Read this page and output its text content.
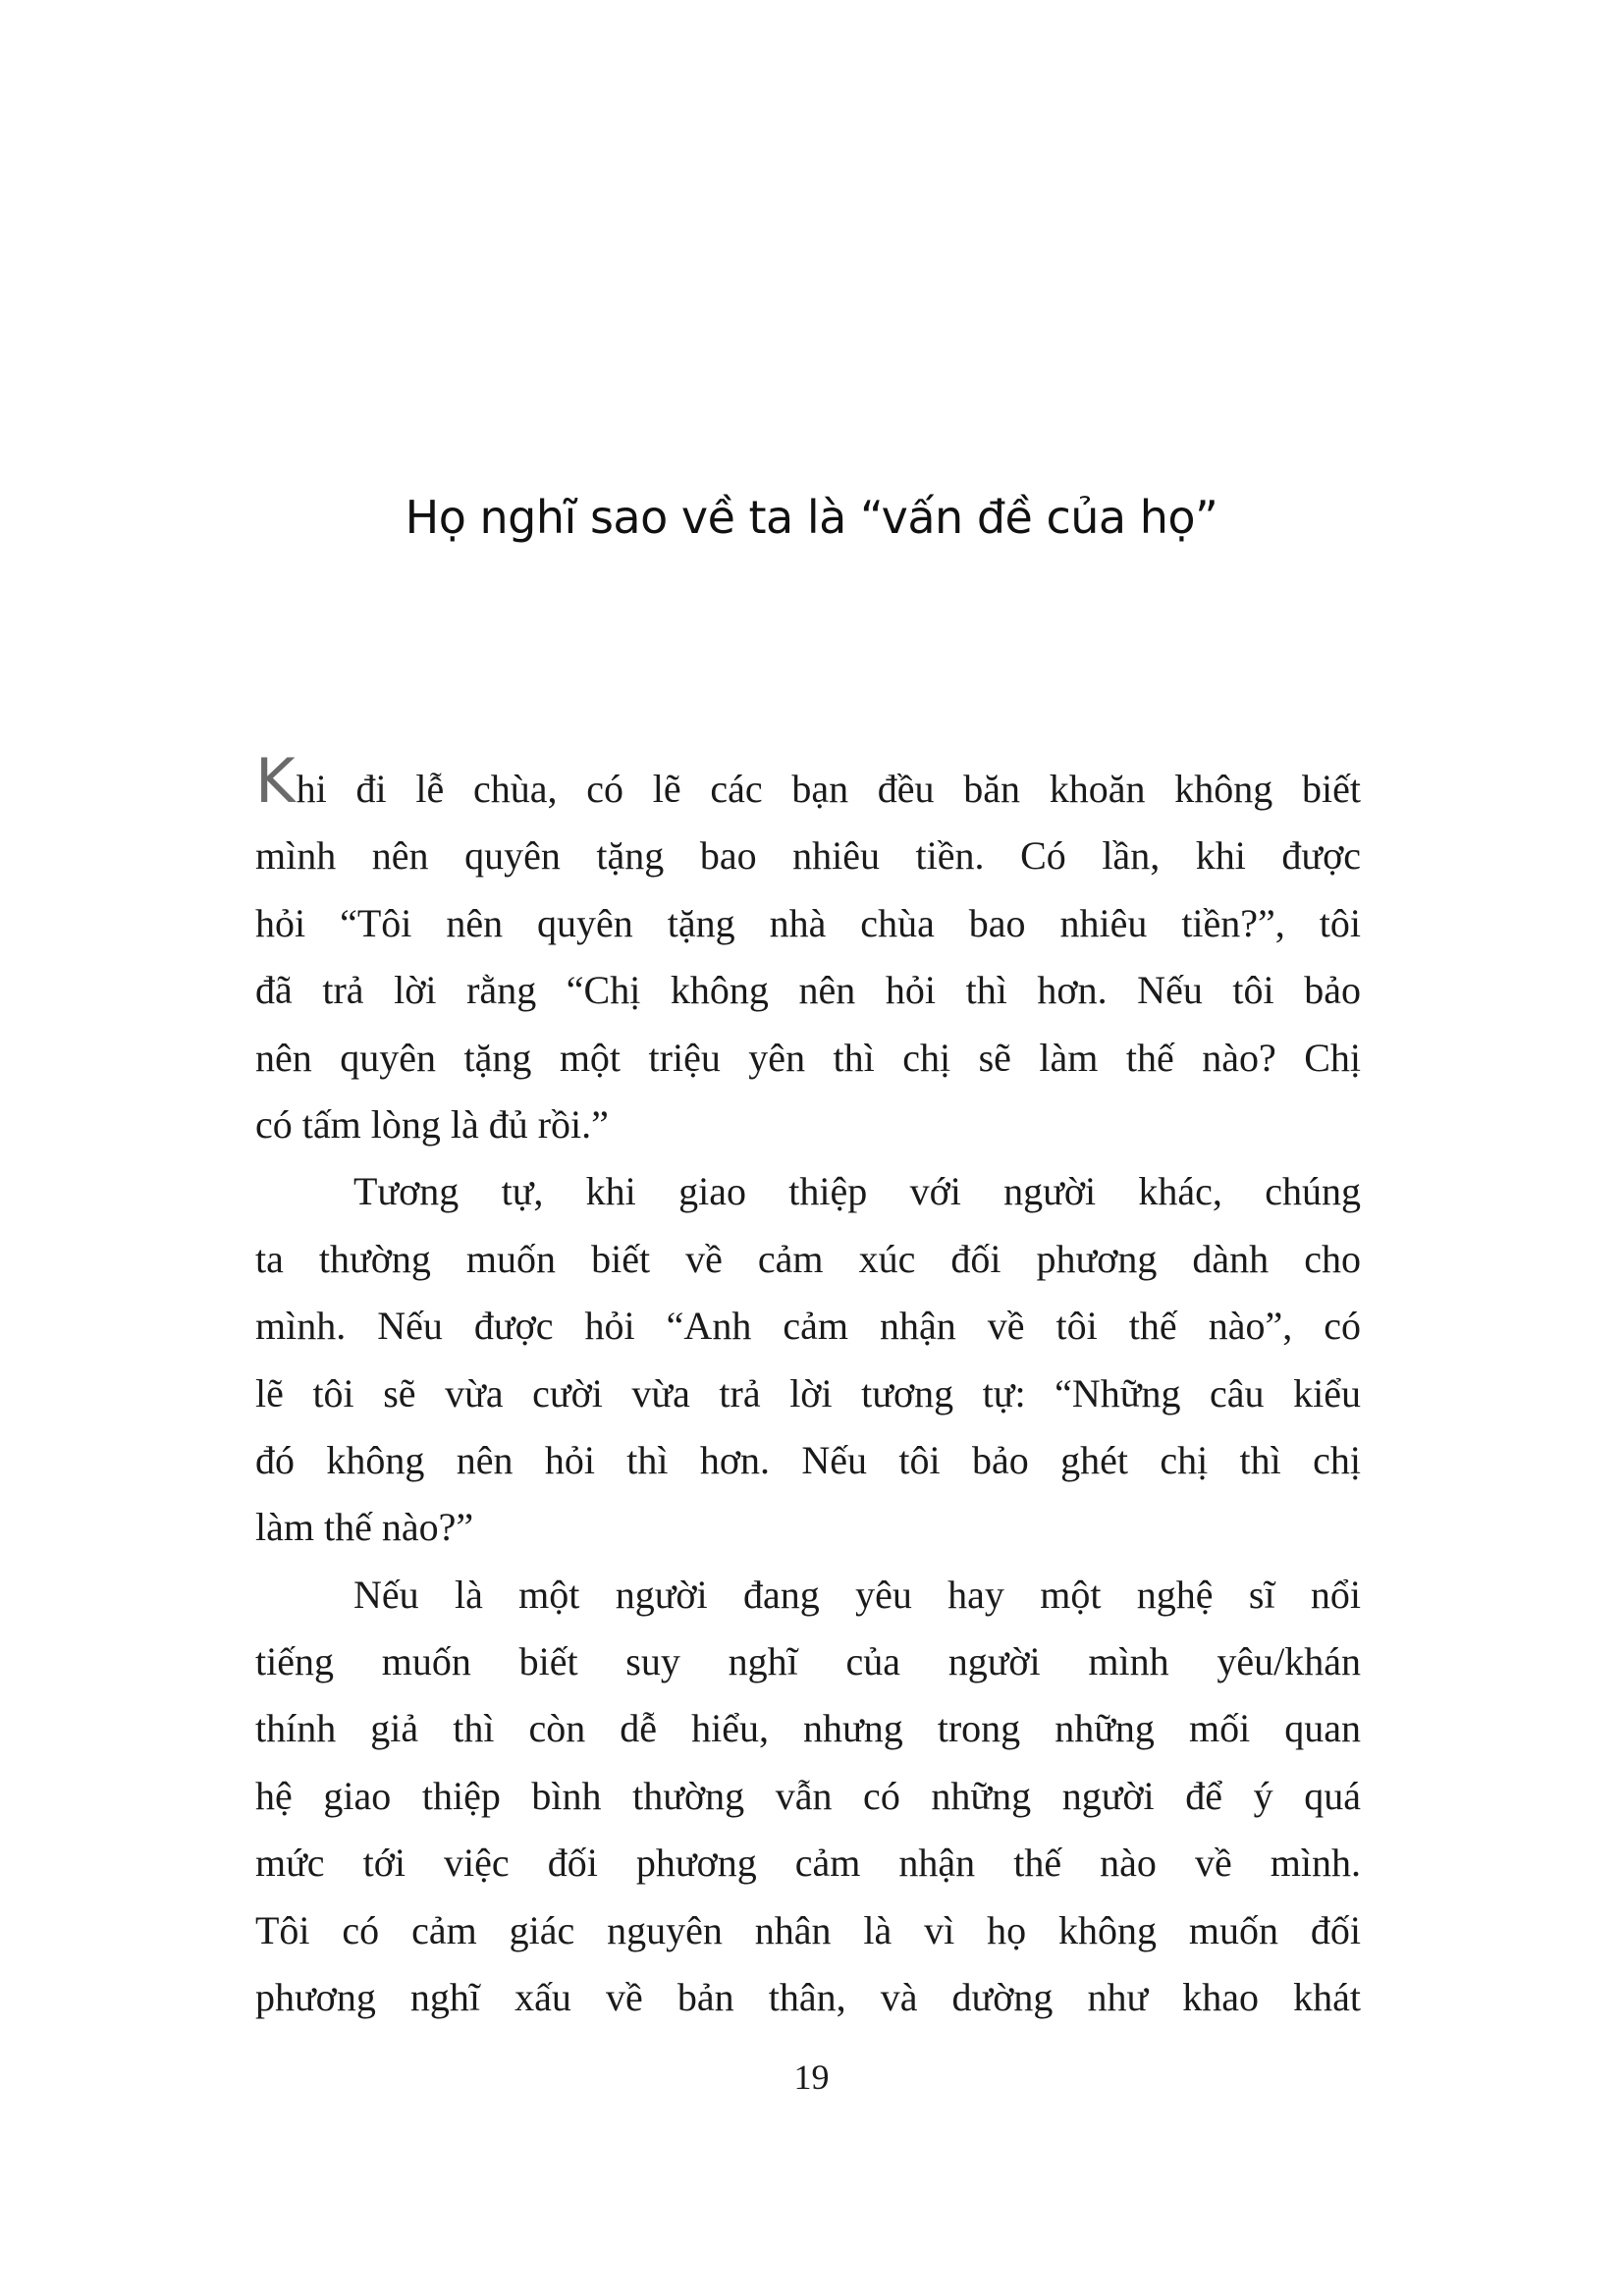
Họ nghĩ sao về ta là “vấn đề của họ”
Khi đi lễ chùa, có lẽ các bạn đều băn khoăn không biết
mình nên quyên tặng bao nhiêu tiền. Có lần, khi được
hỏi “Tôi nên quyên tặng nhà chùa bao nhiêu tiền?”, tôi
đã trả lời rằng “Chị không nên hỏi thì hơn. Nếu tôi bảo
nên quyên tặng một triệu yên thì chị sẽ làm thế nào? Chị
có tấm lòng là đủ rồi.”
Tương tự, khi giao thiệp với người khác, chúng
ta thường muốn biết về cảm xúc đối phương dành cho
mình. Nếu được hỏi “Anh cảm nhận về tôi thế nào”, có
lẽ tôi sẽ vừa cười vừa trả lời tương tự: “Những câu kiểu
đó không nên hỏi thì hơn. Nếu tôi bảo ghét chị thì chị
làm thế nào?”
Nếu là một người đang yêu hay một nghệ sĩ nổi
tiếng muốn biết suy nghĩ của người mình yêu/khán
thính giả thì còn dễ hiểu, nhưng trong những mối quan
hệ giao thiệp bình thường vẫn có những người để ý quá
mức tới việc đối phương cảm nhận thế nào về mình.
Tôi có cảm giác nguyên nhân là vì họ không muốn đối
phương nghĩ xấu về bản thân, và dường như khao khát
19
